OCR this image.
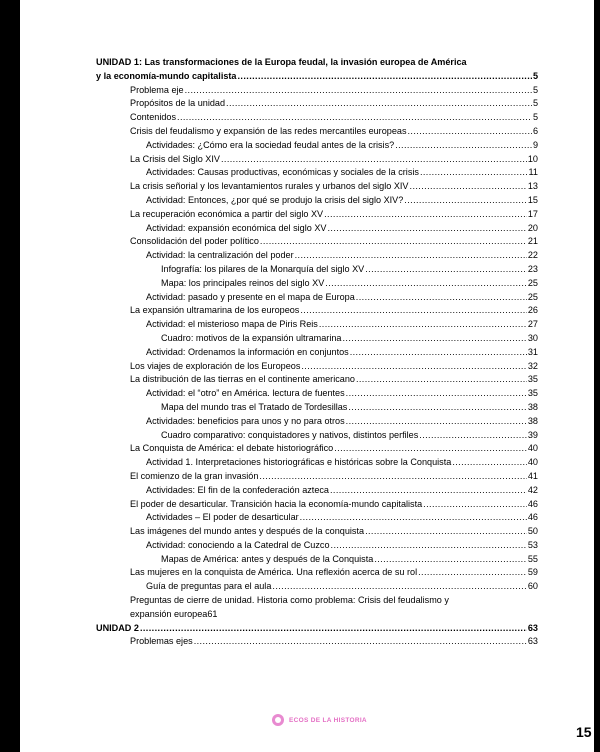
UNIDAD 1: Las transformaciones de la Europa feudal, la invasión europea de América
y la economía-mundo capitalista .....	5
Problema eje .....	5
Propósitos de la unidad .....	5
Contenidos .....	5
Crisis del feudalismo y expansión de las redes mercantiles europeas .....	6
Actividades: ¿Cómo era la sociedad feudal antes de la crisis? .....	9
La Crisis del Siglo XIV .....	10
Actividades: Causas productivas, económicas y sociales de la crisis .....	11
La crisis señorial y los levantamientos rurales y urbanos del siglo XIV .....	13
Actividad: Entonces, ¿por qué se produjo la crisis del siglo XIV? .....	15
La recuperación económica a partir del siglo XV .....	17
Actividad: expansión económica del siglo XV .....	20
Consolidación del poder político .....	21
Actividad: la centralización del poder .....	22
Infografía: los pilares de la Monarquía del siglo XV .....	23
Mapa: los principales reinos del siglo XV .....	25
Actividad: pasado y presente en el mapa de Europa .....	25
La expansión ultramarina de los europeos .....	26
Actividad: el misterioso mapa de Piris Reis .....	27
Cuadro: motivos de la expansión ultramarina .....	30
Actividad: Ordenamos la información en conjuntos .....	31
Los viajes de exploración de los Europeos .....	32
La distribución de las tierras en el continente americano .....	35
Actividad: el “otro” en América. lectura de fuentes .....	35
Mapa del mundo tras el Tratado de Tordesillas .....	38
Actividades: beneficios para unos y no para otros .....	38
Cuadro comparativo: conquistadores y nativos, distintos perfiles .....	39
La Conquista de América: el debate historiográfico .....	40
Actividad 1. Interpretaciones historiográficas e históricas sobre la Conquista .....	40
El comienzo de la gran invasión .....	41
Actividades: El fin de la confederación azteca .....	42
El poder de desarticular. Transición hacia la economía-mundo capitalista .....	46
Actividades – El poder de desarticular .....	46
Las imágenes del mundo antes y después de la conquista .....	50
Actividad: conociendo a la Catedral de Cuzco .....	53
Mapas de América: antes y después de la Conquista .....	55
Las mujeres en la conquista de América. Una reflexión acerca de su rol .....	59
Guía de preguntas para el aula .....	60
Preguntas de cierre de unidad. Historia como problema: Crisis del feudalismo y
expansión europea 61
UNIDAD 2 .....	63
Problemas ejes .....	63
ECOS DE LA HISTORIA
15
